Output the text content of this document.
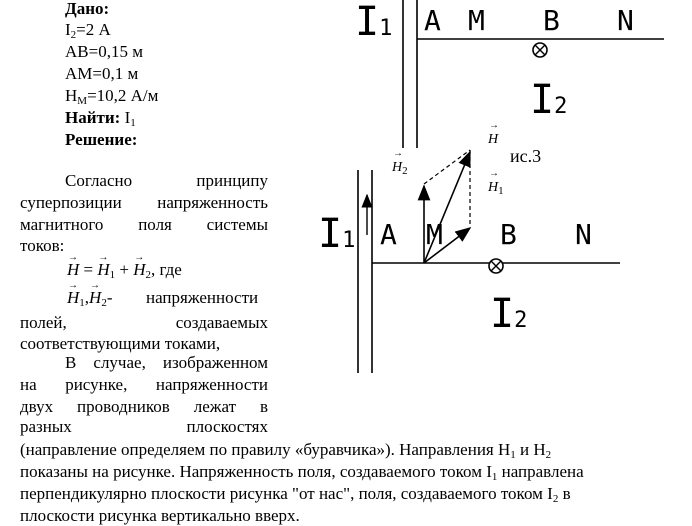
Дано:
$I_2=2$ А
АВ=0,15 м
АМ=0,1 м
$H_М=10,2$ А/м
Найти: $I_1$
Решение:
Согласно принципу
суперпозиции напряженность
магнитного поля системы
токов:
→ H = → $H_1$ + → $H_2$, где
→ $H_1,\to H_2-$ напряженности
полей, создаваемых
соответствующими токами,
В случае, изображенном
на рисунке, напряженности
двух проводников лежат в
разных плоскостях
(направление определяем по правилу «буравчика»). Направления $H_1$ и $H_2$
показаны на рисунке. Напряженность поля, создаваемого током $I_1$ направлена
перпендикулярно плоскости рисунка "от нас", поля, создаваемого током $I_2$ в
плоскости рисунка вертикально вверх.
I1 A M B N
I2
ис.3
→ H
→ $H_2$
→ $H_1$
I1 A M B N
I2
